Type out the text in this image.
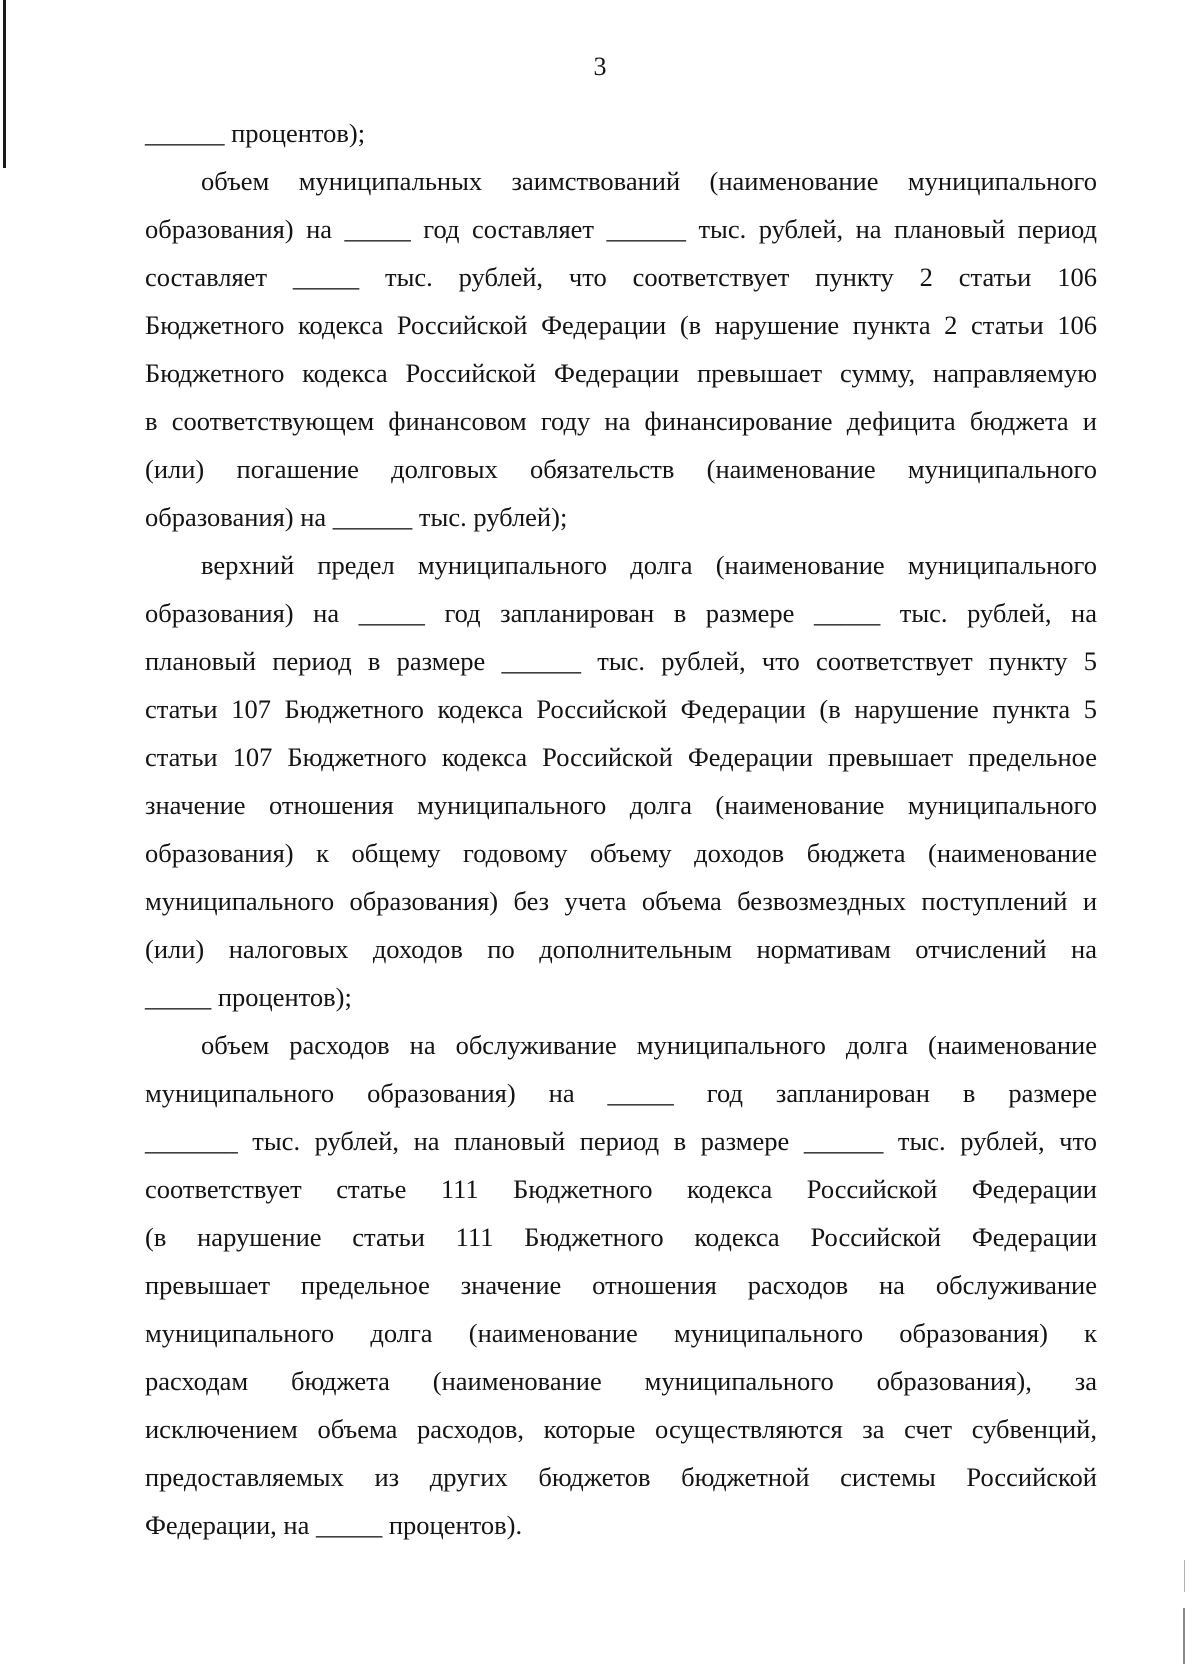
3
______ процентов);
объем муниципальных заимствований (наименование муниципального
образования) на _____ год составляет ______ тыс. рублей, на плановый период
составляет _____ тыс. рублей, что соответствует пункту 2 статьи 106
Бюджетного кодекса Российской Федерации (в нарушение пункта 2 статьи 106
Бюджетного кодекса Российской Федерации превышает сумму, направляемую
в соответствующем финансовом году на финансирование дефицита бюджета и
(или) погашение долговых обязательств (наименование муниципального
образования) на ______ тыс. рублей);
верхний предел муниципального долга (наименование муниципального
образования) на _____ год запланирован в размере _____ тыс. рублей, на
плановый период в размере ______ тыс. рублей, что соответствует пункту 5
статьи 107 Бюджетного кодекса Российской Федерации (в нарушение пункта 5
статьи 107 Бюджетного кодекса Российской Федерации превышает предельное
значение отношения муниципального долга (наименование муниципального
образования) к общему годовому объему доходов бюджета (наименование
муниципального образования) без учета объема безвозмездных поступлений и
(или) налоговых доходов по дополнительным нормативам отчислений на
_____ процентов);
объем расходов на обслуживание муниципального долга (наименование
муниципального образования) на _____ год запланирован в размере
_______ тыс. рублей, на плановый период в размере ______ тыс. рублей, что
соответствует статье 111 Бюджетного кодекса Российской Федерации
(в нарушение статьи 111 Бюджетного кодекса Российской Федерации
превышает предельное значение отношения расходов на обслуживание
муниципального долга (наименование муниципального образования) к
расходам бюджета (наименование муниципального образования), за
исключением объема расходов, которые осуществляются за счет субвенций,
предоставляемых из других бюджетов бюджетной системы Российской
Федерации, на _____ процентов).
